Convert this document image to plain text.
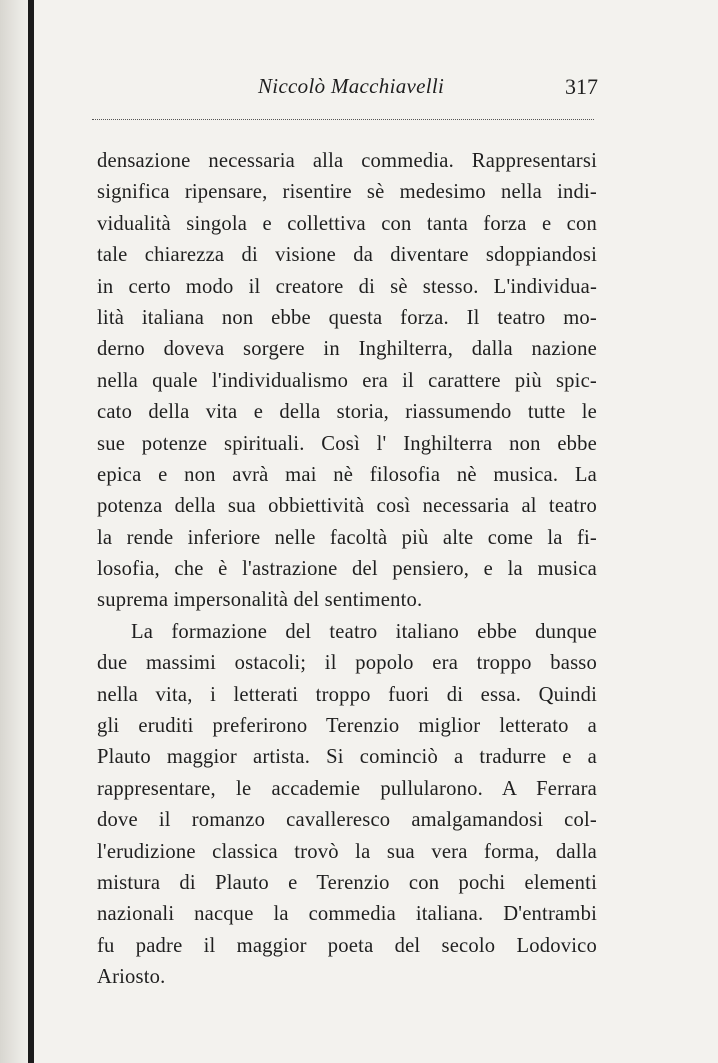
Niccolò Macchiavelli	317
densazione necessaria alla commedia. Rappresentarsi
significa ripensare, risentire sè medesimo nella indi-
vidualità singola e collettiva con tanta forza e con
tale chiarezza di visione da diventare sdoppiandosi
in certo modo il creatore di sè stesso. L'individua-
lità italiana non ebbe questa forza. Il teatro mo-
derno doveva sorgere in Inghilterra, dalla nazione
nella quale l'individualismo era il carattere più spic-
cato della vita e della storia, riassumendo tutte le
sue potenze spirituali. Così l' Inghilterra non ebbe
epica e non avrà mai nè filosofia nè musica. La
potenza della sua obbiettività così necessaria al teatro
la rende inferiore nelle facoltà più alte come la fi-
losofia, che è l'astrazione del pensiero, e la musica
suprema impersonalità del sentimento.
La formazione del teatro italiano ebbe dunque
due massimi ostacoli; il popolo era troppo basso
nella vita, i letterati troppo fuori di essa. Quindi
gli eruditi preferirono Terenzio miglior letterato a
Plauto maggior artista. Si cominciò a tradurre e a
rappresentare, le accademie pullularono. A Ferrara
dove il romanzo cavalleresco amalgamandosi col-
l'erudizione classica trovò la sua vera forma, dalla
mistura di Plauto e Terenzio con pochi elementi
nazionali nacque la commedia italiana. D'entrambi
fu padre il maggior poeta del secolo Lodovico
Ariosto.
